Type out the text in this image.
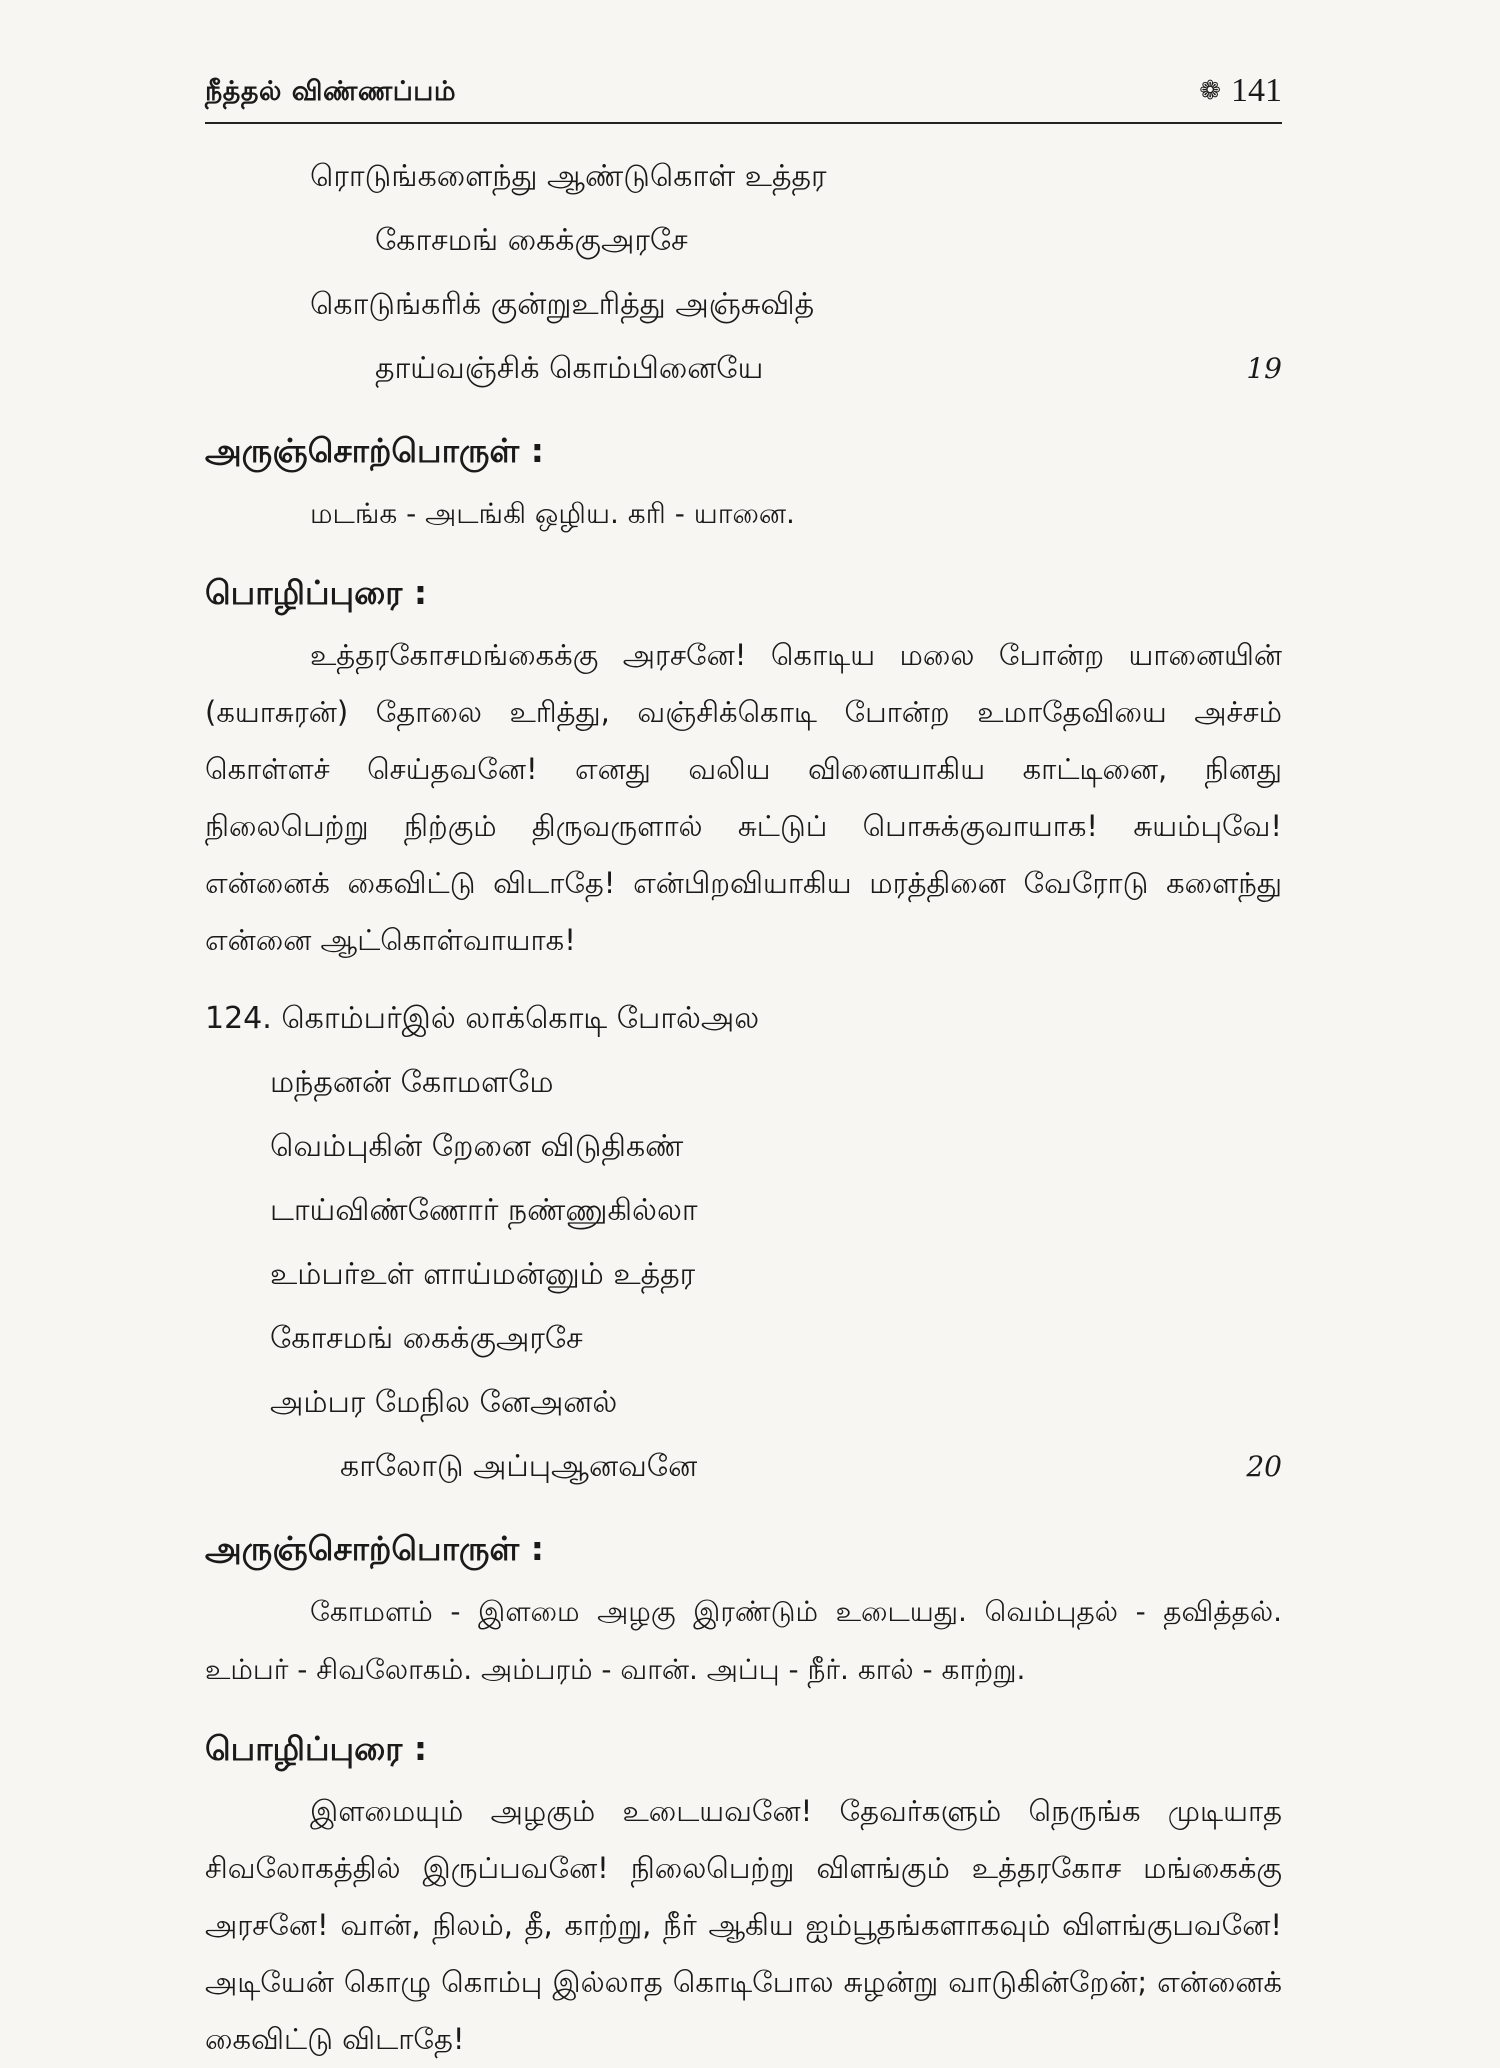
நீத்தல் விண்ணப்பம்	❁ 141
ரொடுங்களைந்து ஆண்டுகொள் உத்தர
கோசமங் கைக்குஅரசே
கொடுங்கரிக் குன்றுஉரித்து அஞ்சுவித்
தாய்வஞ்சிக் கொம்பினையே	19
அருஞ்சொற்பொருள் :
மடங்க - அடங்கி ஒழிய. கரி - யானை.
பொழிப்புரை :

உத்தரகோசமங்கைக்கு அரசனே! கொடிய மலை போன்ற யானையின் (கயாசுரன்) தோலை உரித்து, வஞ்சிக்கொடி போன்ற உமாதேவியை அச்சம் கொள்ளச் செய்தவனே! எனது வலிய வினையாகிய காட்டினை, நினது நிலைபெற்று நிற்கும் திருவருளால் சுட்டுப் பொசுக்குவாயாக! சுயம்புவே! என்னைக் கைவிட்டு விடாதே! என்பிறவியாகிய மரத்தினை வேரோடு களைந்து என்னை ஆட்கொள்வாயாக!

124. கொம்பர்இல் லாக்கொடி போல்அல
மந்தனன் கோமளமே
வெம்புகின் றேனை விடுதிகண்
டாய்விண்ணோர் நண்ணுகில்லா
உம்பர்உள் ளாய்மன்னும் உத்தர
கோசமங் கைக்குஅரசே
அம்பர மேநில னேஅனல்
காலோடு அப்புஆனவனே	20
அருஞ்சொற்பொருள் :
கோமளம் - இளமை அழகு இரண்டும் உடையது. வெம்புதல் - தவித்தல். உம்பர் - சிவலோகம். அம்பரம் - வான். அப்பு - நீர். கால் - காற்று.
பொழிப்புரை :

இளமையும் அழகும் உடையவனே! தேவர்களும் நெருங்க முடியாத சிவலோகத்தில் இருப்பவனே! நிலைபெற்று விளங்கும் உத்தரகோச மங்கைக்கு அரசனே! வான், நிலம், தீ, காற்று, நீர் ஆகிய ஐம்பூதங்களாகவும் விளங்குபவனே! அடியேன் கொழு கொம்பு இல்லாத கொடிபோல சுழன்று வாடுகின்றேன்; என்னைக் கைவிட்டு விடாதே!
